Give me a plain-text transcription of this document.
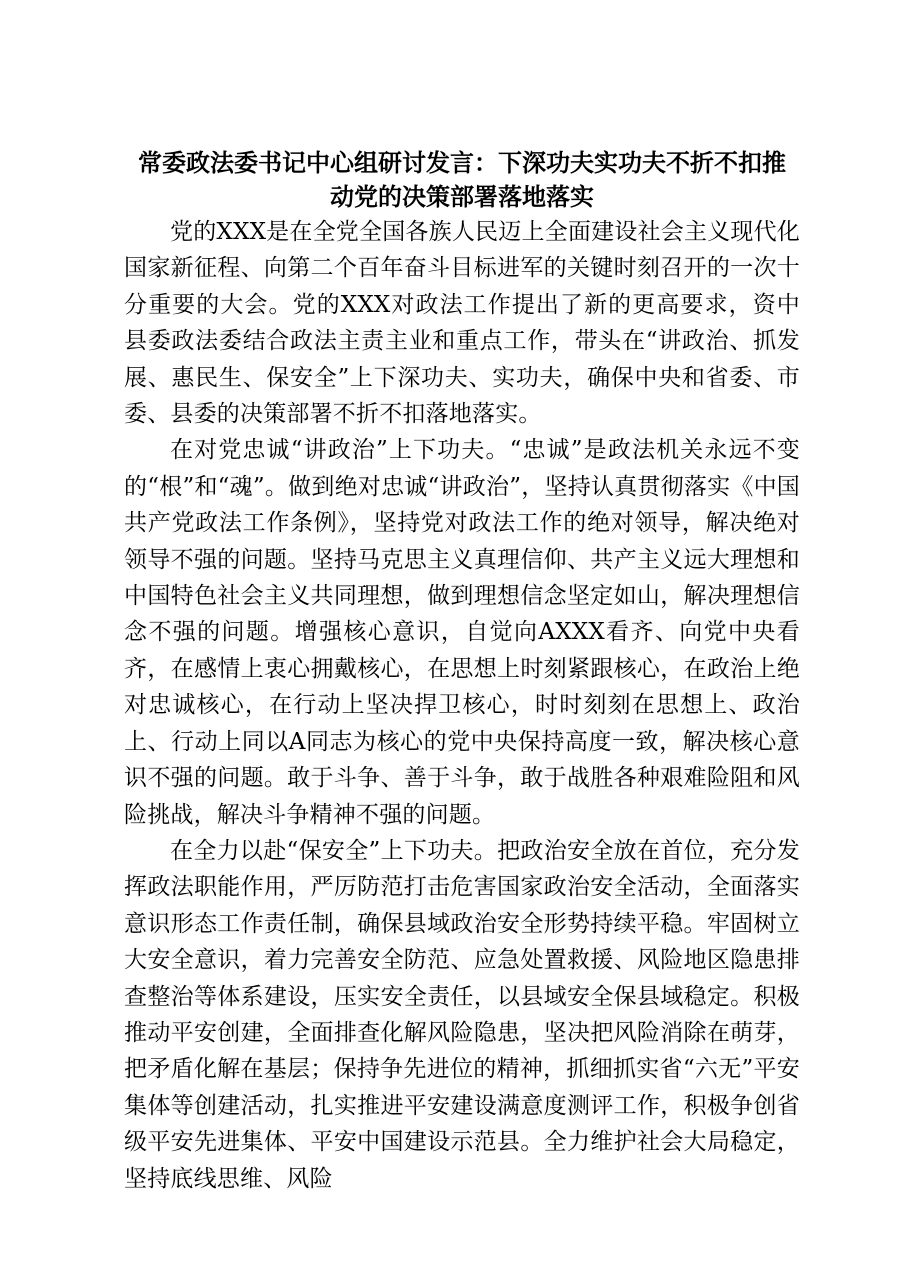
常委政法委书记中心组研讨发言：下深功夫实功夫不折不扣推
动党的决策部署落地落实

党的XXX是在全党全国各族人民迈上全面建设社会主义现代化国家新征程、向第二个百年奋斗目标进军的关键时刻召开的一次十分重要的大会。党的XXX对政法工作提出了新的更高要求，资中县委政法委结合政法主责主业和重点工作，带头在“讲政治、抓发展、惠民生、保安全”上下深功夫、实功夫，确保中央和省委、市委、县委的决策部署不折不扣落地落实。

在对党忠诚“讲政治”上下功夫。“忠诚”是政法机关永远不变的“根”和“魂”。做到绝对忠诚“讲政治”，坚持认真贯彻落实《中国共产党政法工作条例》，坚持党对政法工作的绝对领导，解决绝对领导不强的问题。坚持马克思主义真理信仰、共产主义远大理想和中国特色社会主义共同理想，做到理想信念坚定如山，解决理想信念不强的问题。增强核心意识，自觉向AXXX看齐、向党中央看齐，在感情上衷心拥戴核心，在思想上时刻紧跟核心，在政治上绝对忠诚核心，在行动上坚决捍卫核心，时时刻刻在思想上、政治上、行动上同以A同志为核心的党中央保持高度一致，解决核心意识不强的问题。敢于斗争、善于斗争，敢于战胜各种艰难险阻和风险挑战，解决斗争精神不强的问题。

在全力以赴“保安全”上下功夫。把政治安全放在首位，充分发挥政法职能作用，严厉防范打击危害国家政治安全活动，全面落实意识形态工作责任制，确保县域政治安全形势持续平稳。牢固树立大安全意识，着力完善安全防范、应急处置救援、风险地区隐患排查整治等体系建设，压实安全责任，以县域安全保县域稳定。积极推动平安创建，全面排查化解风险隐患，坚决把风险消除在萌芽，把矛盾化解在基层；保持争先进位的精神，抓细抓实省“六无”平安集体等创建活动，扎实推进平安建设满意度测评工作，积极争创省级平安先进集体、平安中国建设示范县。全力维护社会大局稳定，坚持底线思维、风险
